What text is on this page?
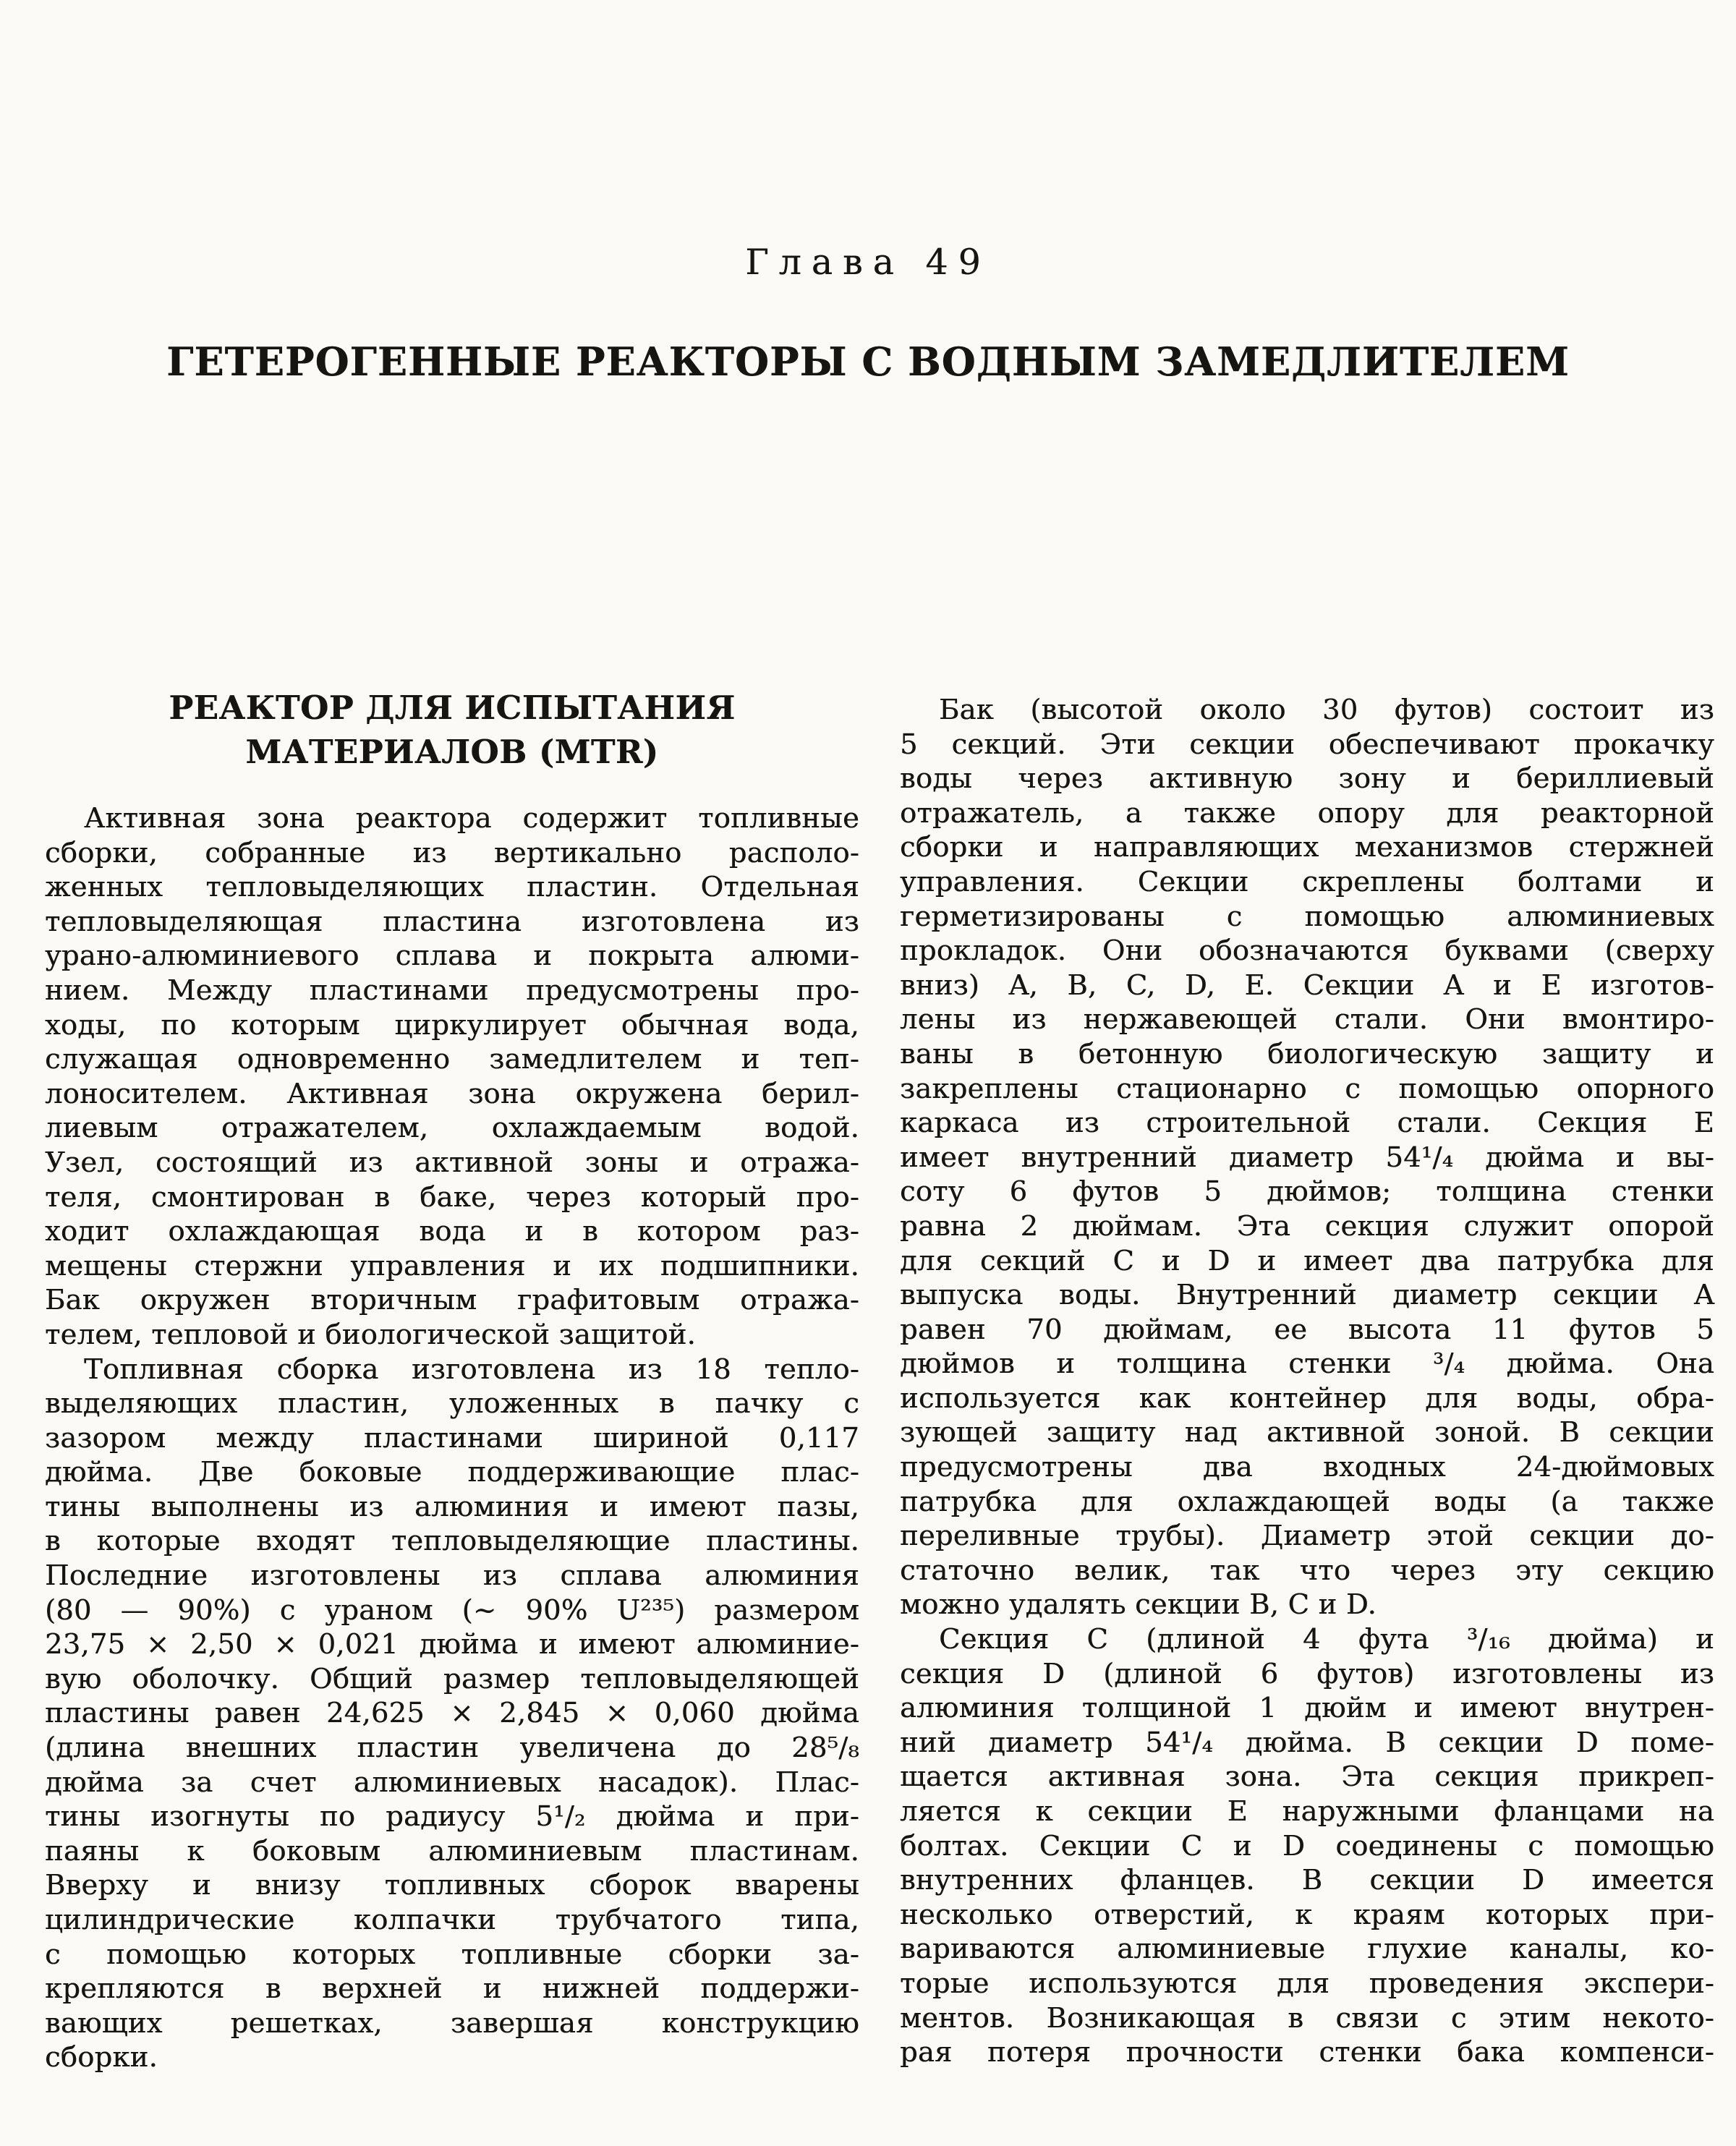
Глава 49
ГЕТЕРОГЕННЫЕ РЕАКТОРЫ С ВОДНЫМ ЗАМЕДЛИТЕЛЕМ
РЕАКТОР ДЛЯ ИСПЫТАНИЯ
МАТЕРИАЛОВ (MTR)
Активная зона реактора содержит топливные
сборки, собранные из вертикально располо-
женных тепловыделяющих пластин. Отдельная
тепловыделяющая пластина изготовлена из
урано-алюминиевого сплава и покрыта алюми-
нием. Между пластинами предусмотрены про-
ходы, по которым циркулирует обычная вода,
служащая одновременно замедлителем и теп-
лоносителем. Активная зона окружена берил-
лиевым отражателем, охлаждаемым водой.
Узел, состоящий из активной зоны и отража-
теля, смонтирован в баке, через который про-
ходит охлаждающая вода и в котором раз-
мещены стержни управления и их подшипники.
Бак окружен вторичным графитовым отража-
телем, тепловой и биологической защитой.
Топливная сборка изготовлена из 18 тепло-
выделяющих пластин, уложенных в пачку с
зазором между пластинами шириной 0,117
дюйма. Две боковые поддерживающие плас-
тины выполнены из алюминия и имеют пазы,
в которые входят тепловыделяющие пластины.
Последние изготовлены из сплава алюминия
(80 — 90%) с ураном (~ 90% U²³⁵) размером
23,75 × 2,50 × 0,021 дюйма и имеют алюминие-
вую оболочку. Общий размер тепловыделяющей
пластины равен 24,625 × 2,845 × 0,060 дюйма
(длина внешних пластин увеличена до 28⁵/₈
дюйма за счет алюминиевых насадок). Плас-
тины изогнуты по радиусу 5¹/₂ дюйма и при-
паяны к боковым алюминиевым пластинам.
Вверху и внизу топливных сборок вварены
цилиндрические колпачки трубчатого типа,
с помощью которых топливные сборки за-
крепляются в верхней и нижней поддержи-
вающих решетках, завершая конструкцию
сборки.
Бак (высотой около 30 футов) состоит из
5 секций. Эти секции обеспечивают прокачку
воды через активную зону и бериллиевый
отражатель, а также опору для реакторной
сборки и направляющих механизмов стержней
управления. Секции скреплены болтами и
герметизированы с помощью алюминиевых
прокладок. Они обозначаются буквами (сверху
вниз) A, B, C, D, E. Секции A и E изготов-
лены из нержавеющей стали. Они вмонтиро-
ваны в бетонную биологическую защиту и
закреплены стационарно с помощью опорного
каркаса из строительной стали. Секция E
имеет внутренний диаметр 54¹/₄ дюйма и вы-
соту 6 футов 5 дюймов; толщина стенки
равна 2 дюймам. Эта секция служит опорой
для секций C и D и имеет два патрубка для
выпуска воды. Внутренний диаметр секции A
равен 70 дюймам, ее высота 11 футов 5
дюймов и толщина стенки ³/₄ дюйма. Она
используется как контейнер для воды, обра-
зующей защиту над активной зоной. В секции
предусмотрены два входных 24-дюймовых
патрубка для охлаждающей воды (а также
переливные трубы). Диаметр этой секции до-
статочно велик, так что через эту секцию
можно удалять секции B, C и D.
Секция C (длиной 4 фута ³/₁₆ дюйма) и
секция D (длиной 6 футов) изготовлены из
алюминия толщиной 1 дюйм и имеют внутрен-
ний диаметр 54¹/₄ дюйма. В секции D поме-
щается активная зона. Эта секция прикреп-
ляется к секции E наружными фланцами на
болтах. Секции C и D соединены с помощью
внутренних фланцев. В секции D имеется
несколько отверстий, к краям которых при-
вариваются алюминиевые глухие каналы, ко-
торые используются для проведения экспери-
ментов. Возникающая в связи с этим некото-
рая потеря прочности стенки бака компенси-
